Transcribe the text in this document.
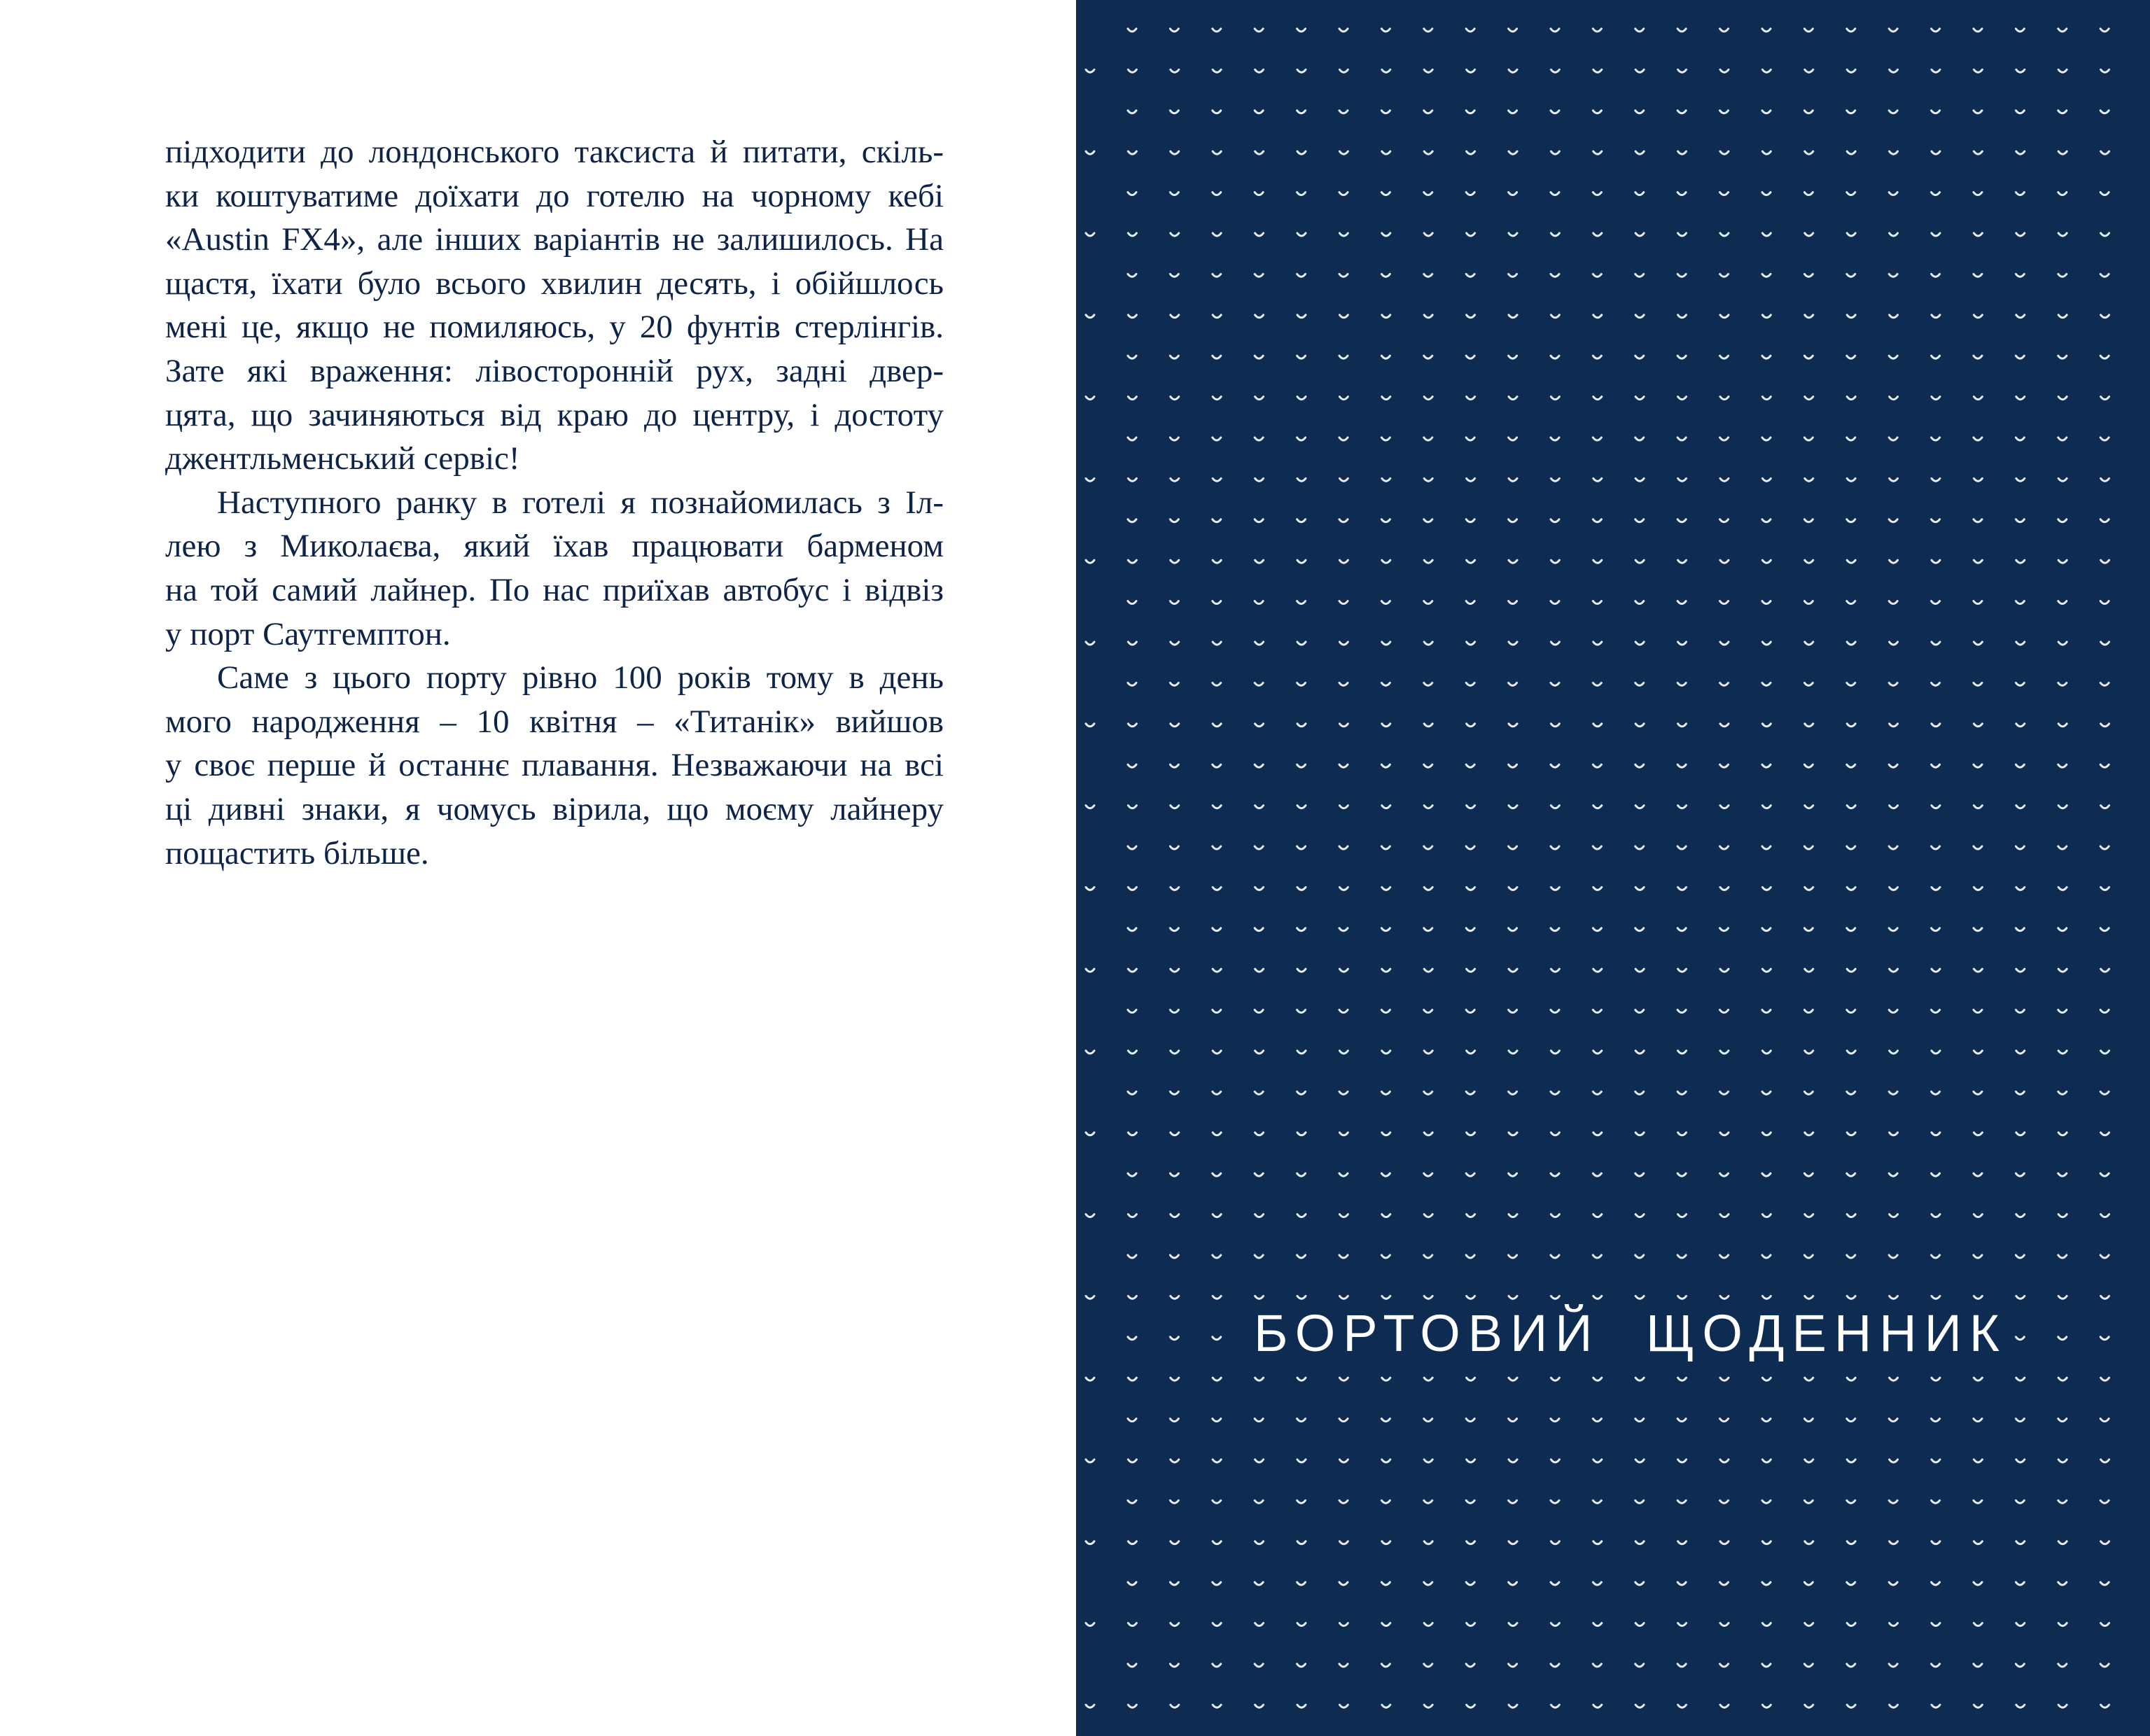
підходити до лондонського таксиста й питати, скіль-
ки коштуватиме доїхати до готелю на чорному кебі
«Austin FX4», але інших варіантів не залишилось. На
щастя, їхати було всього хвилин десять, і обійшлось
мені це, якщо не помиляюсь, у 20 фунтів стерлінгів.
Зате які враження: лівосторонній рух, задні двер-
цята, що зачиняються від краю до центру, і достоту
джентльменський сервіс!
Наступного ранку в готелі я познайомилась з Іл-
лею з Миколаєва, який їхав працювати барменом
на той самий лайнер. По нас приїхав автобус і відвіз
у порт Саутгемптон.
Саме з цього порту рівно 100 років тому в день
мого народження – 10 квітня – «Титанік» вийшов
у своє перше й останнє плавання. Незважаючи на всі
ці дивні знаки, я чомусь вірила, що моєму лайнеру
пощастить більше.
БОРТОВИЙ ЩОДЕННИК
